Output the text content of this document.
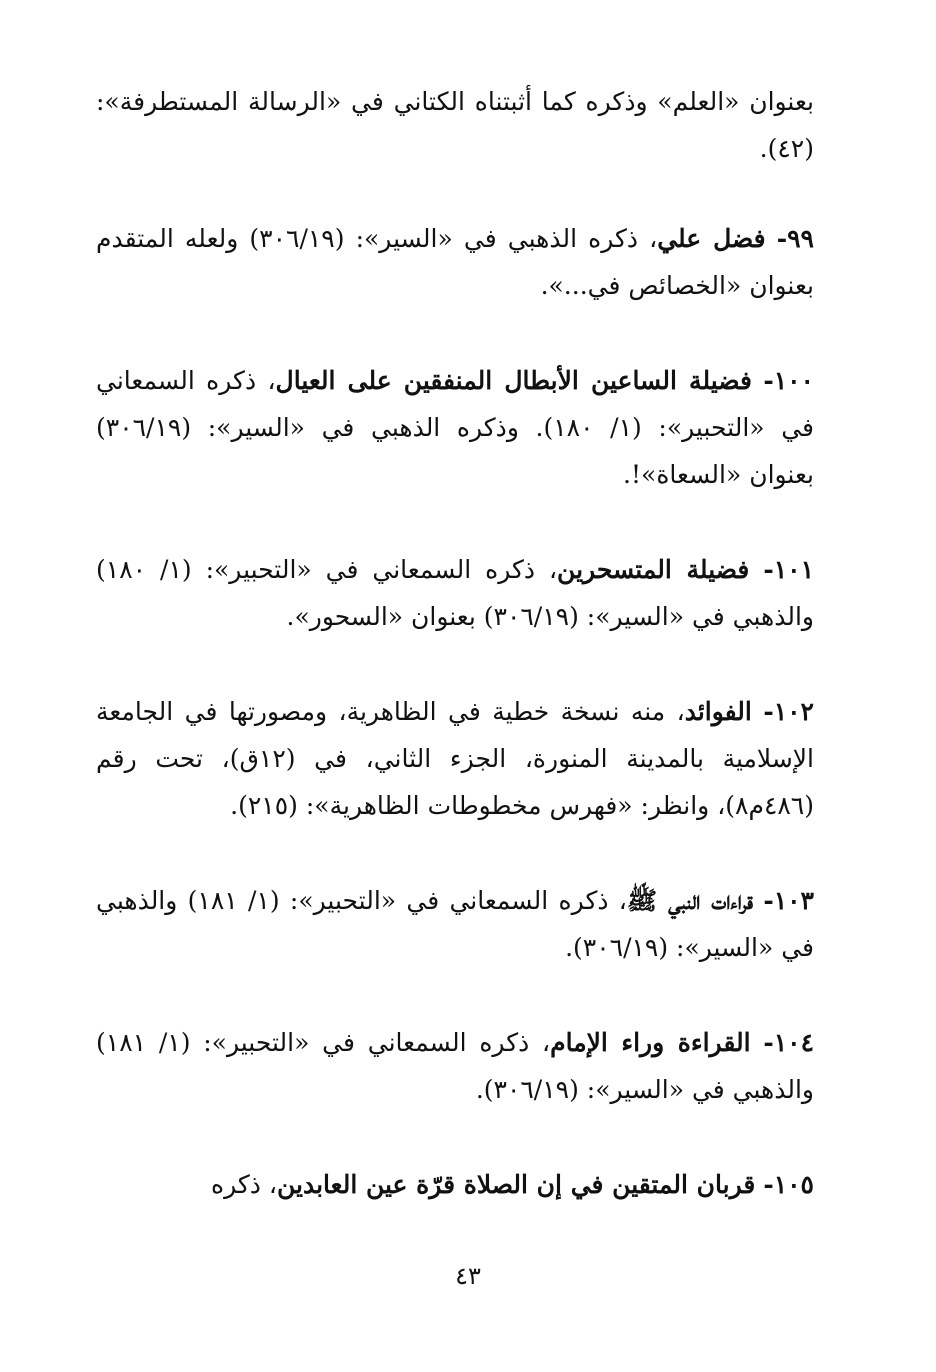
بعنوان «العلم» وذكره كما أثبتناه الكتاني في «الرسالة المستطرفة»: (٤٢).

٩٩- فضل علي، ذكره الذهبي في «السير»: (٣٠٦/١٩) ولعله المتقدم بعنوان «الخصائص في...».

١٠٠- فضيلة الساعين الأبطال المنفقين على العيال، ذكره السمعاني في «التحبير»: (١/ ١٨٠). وذكره الذهبي في «السير»: (٣٠٦/١٩) بعنوان «السعاة»!.

١٠١- فضيلة المتسحرين، ذكره السمعاني في «التحبير»: (١/ ١٨٠) والذهبي في «السير»: (٣٠٦/١٩) بعنوان «السحور».

١٠٢- الفوائد، منه نسخة خطية في الظاهرية، ومصورتها في الجامعة الإسلامية بالمدينة المنورة، الجزء الثاني، في (١٢ق)، تحت رقم (٤٨٦م٨)، وانظر: «فهرس مخطوطات الظاهرية»: (٢١٥).

١٠٣- قراءات النبي ﷺ، ذكره السمعاني في «التحبير»: (١/ ١٨١) والذهبي في «السير»: (٣٠٦/١٩).

١٠٤- القراءة وراء الإمام، ذكره السمعاني في «التحبير»: (١/ ١٨١) والذهبي في «السير»: (٣٠٦/١٩).

١٠٥- قربان المتقين في إن الصلاة قرّة عين العابدين، ذكره

٤٣
